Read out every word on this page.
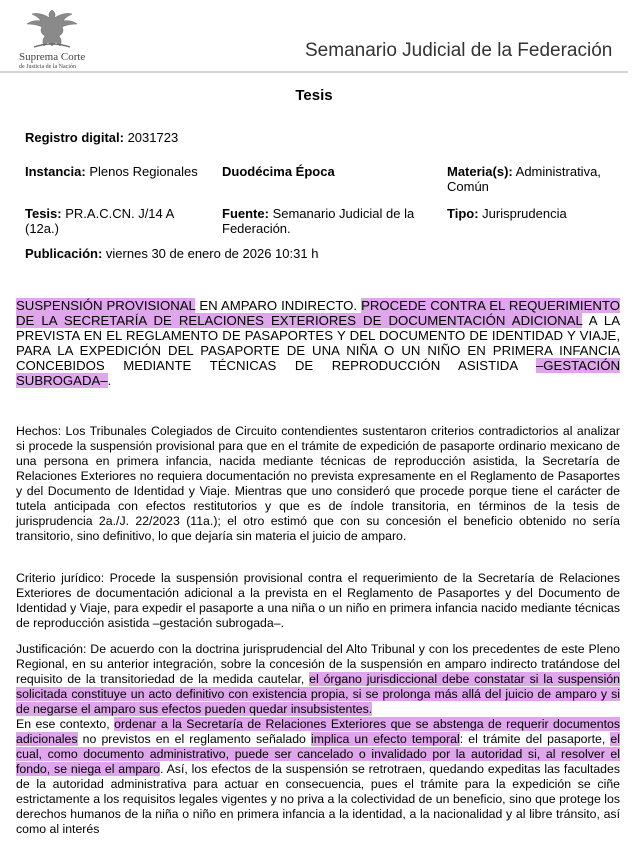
Suprema Corte
de Justicia de la Nación
Semanario Judicial de la Federación
Tesis
Registro digital: 2031723
Instancia: Plenos Regionales	Duodécima Época	Materia(s): Administrativa, Común
Tesis: PR.A.C.CN. J/14 A (12a.)
Fuente: Semanario Judicial de la Federación.
Tipo: Jurisprudencia
Publicación: viernes 30 de enero de 2026 10:31 h
SUSPENSIÓN PROVISIONAL EN AMPARO INDIRECTO. PROCEDE CONTRA EL REQUERIMIENTO DE LA SECRETARÍA DE RELACIONES EXTERIORES DE DOCUMENTACIÓN ADICIONAL A LA PREVISTA EN EL REGLAMENTO DE PASAPORTES Y DEL DOCUMENTO DE IDENTIDAD Y VIAJE, PARA LA EXPEDICIÓN DEL PASAPORTE DE UNA NIÑA O UN NIÑO EN PRIMERA INFANCIA CONCEBIDOS MEDIANTE TÉCNICAS DE REPRODUCCIÓN ASISTIDA –GESTACIÓN SUBROGADA–.
Hechos: Los Tribunales Colegiados de Circuito contendientes sustentaron criterios contradictorios al analizar si procede la suspensión provisional para que en el trámite de expedición de pasaporte ordinario mexicano de una persona en primera infancia, nacida mediante técnicas de reproducción asistida, la Secretaría de Relaciones Exteriores no requiera documentación no prevista expresamente en el Reglamento de Pasaportes y del Documento de Identidad y Viaje. Mientras que uno consideró que procede porque tiene el carácter de tutela anticipada con efectos restitutorios y que es de índole transitoria, en términos de la tesis de jurisprudencia 2a./J. 22/2023 (11a.); el otro estimó que con su concesión el beneficio obtenido no sería transitorio, sino definitivo, lo que dejaría sin materia el juicio de amparo.
Criterio jurídico: Procede la suspensión provisional contra el requerimiento de la Secretaría de Relaciones Exteriores de documentación adicional a la prevista en el Reglamento de Pasaportes y del Documento de Identidad y Viaje, para expedir el pasaporte a una niña o un niño en primera infancia nacido mediante técnicas de reproducción asistida –gestación subrogada–.
Justificación: De acuerdo con la doctrina jurisprudencial del Alto Tribunal y con los precedentes de este Pleno Regional, en su anterior integración, sobre la concesión de la suspensión en amparo indirecto tratándose del requisito de la transitoriedad de la medida cautelar, el órgano jurisdiccional debe constatar si la suspensión solicitada constituye un acto definitivo con existencia propia, si se prolonga más allá del juicio de amparo y si de negarse el amparo sus efectos pueden quedar insubsistentes.
En ese contexto, ordenar a la Secretaría de Relaciones Exteriores que se abstenga de requerir documentos adicionales no previstos en el reglamento señalado implica un efecto temporal: el trámite del pasaporte, el cual, como documento administrativo, puede ser cancelado o invalidado por la autoridad si, al resolver el fondo, se niega el amparo. Así, los efectos de la suspensión se retrotraen, quedando expeditas las facultades de la autoridad administrativa para actuar en consecuencia, pues el trámite para la expedición se ciñe estrictamente a los requisitos legales vigentes y no priva a la colectividad de un beneficio, sino que protege los derechos humanos de la niña o niño en primera infancia a la identidad, a la nacionalidad y al libre tránsito, así como al interés
